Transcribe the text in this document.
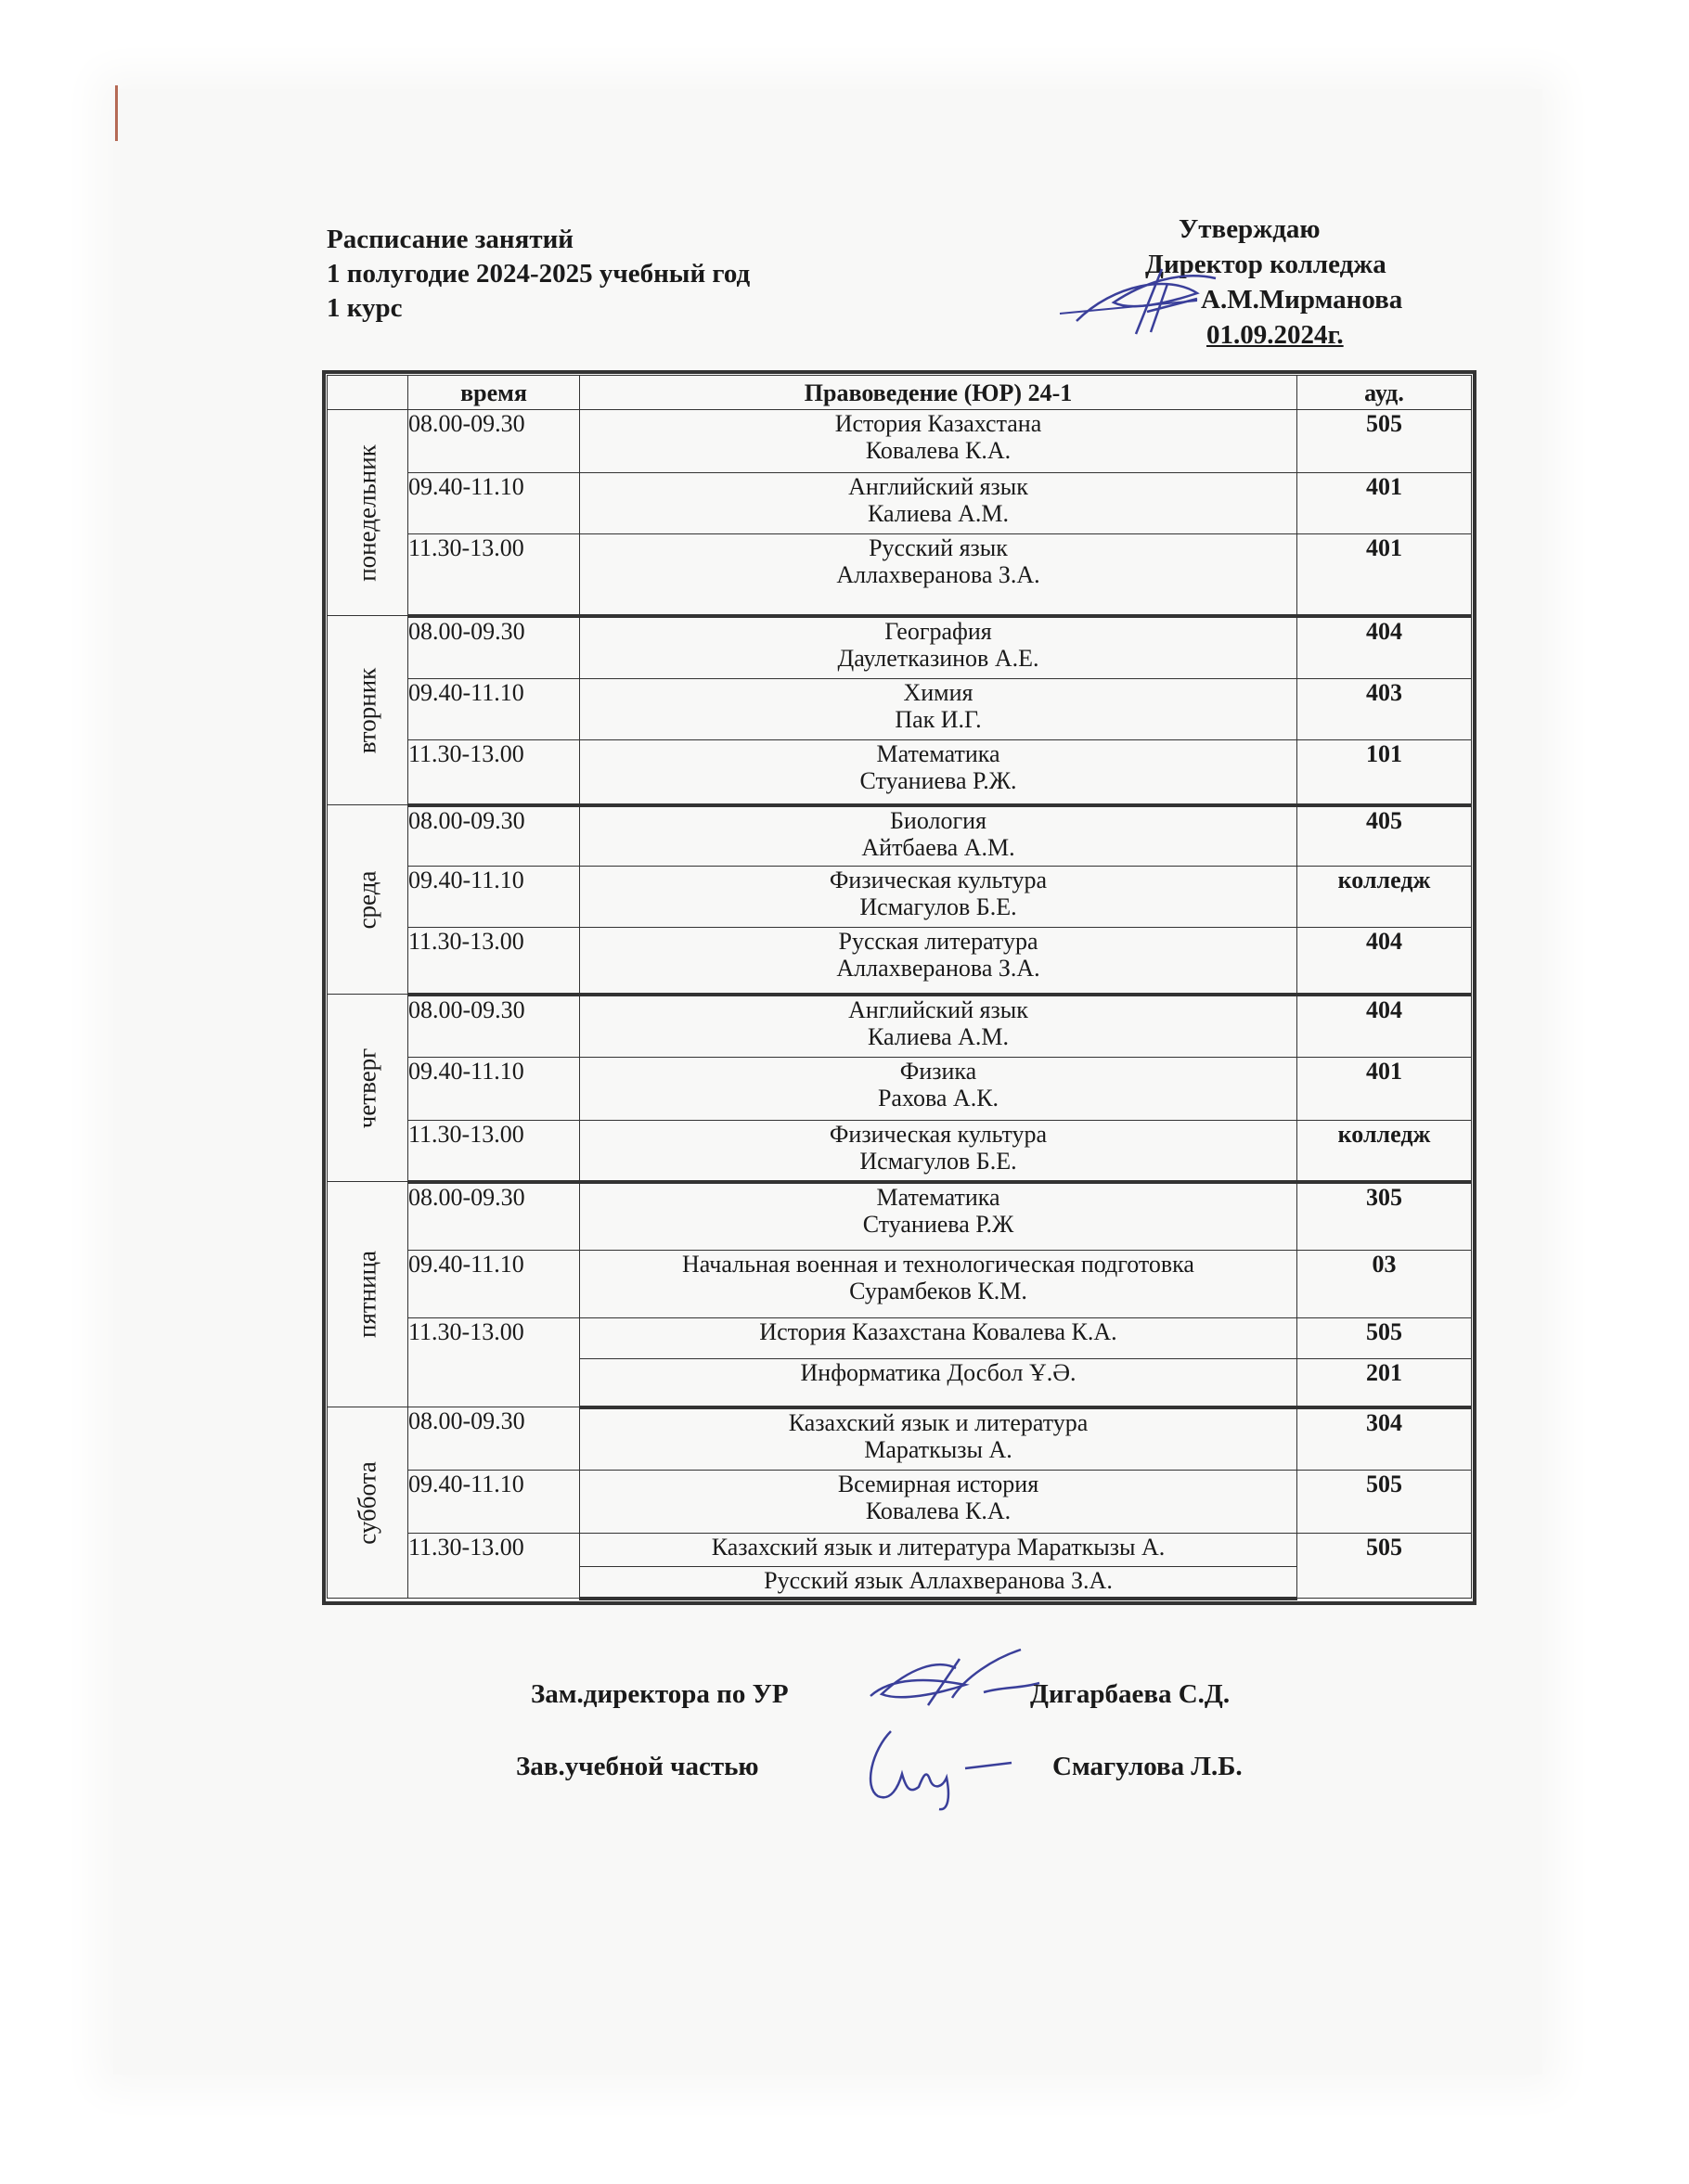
Расписание занятий
1 полугодие 2024-2025 учебный год
1 курс
Утверждаю
Директор колледжа
А.М.Мирманова
01.09.2024г.
	время	Правоведение (ЮР) 24-1	ауд.

понедельник	08.00-09.30	История Казахстана
Ковалева К.А.	505
	09.40-11.10	Английский язык
Калиева А.М.	401
	11.30-13.00	Русский язык
Аллахвeранова З.А.	401

вторник	08.00-09.30	География
Даулетказинов А.Е.	404
	09.40-11.10	Химия
Пак И.Г.	403
	11.30-13.00	Математика
Стуаниева Р.Ж.	101

среда	08.00-09.30	Биология
Айтбаева А.М.	405
	09.40-11.10	Физическая культура
Исмагулов Б.Е.	колледж
	11.30-13.00	Русская литература
Аллахвeранова З.А.	404

четверг	08.00-09.30	Английский язык
Калиева А.М.	404
	09.40-11.10	Физика
Рахова А.К.	401
	11.30-13.00	Физическая культура
Исмагулов Б.Е.	колледж

пятница	08.00-09.30	Математика
Стуаниева Р.Ж	305
	09.40-11.10	Начальная военная и технологическая подготовка
Сурамбеков К.М.	03
	11.30-13.00	История Казахстана Ковалева К.А.	505

		Информатика Досбол Ұ.Ә.	201

суббота	08.00-09.30	Казахский язык и литература
Мараткызы А.	304
	09.40-11.10	Всемирная история
Ковалева К.А.	505
	11.30-13.00	Казахский язык и литература Мараткызы А.	505

		Русский язык Аллахвeранова З.А.	
Зам.директора по УР	Дигарбаева С.Д.
Зав.учебной частью	Смагулова Л.Б.
